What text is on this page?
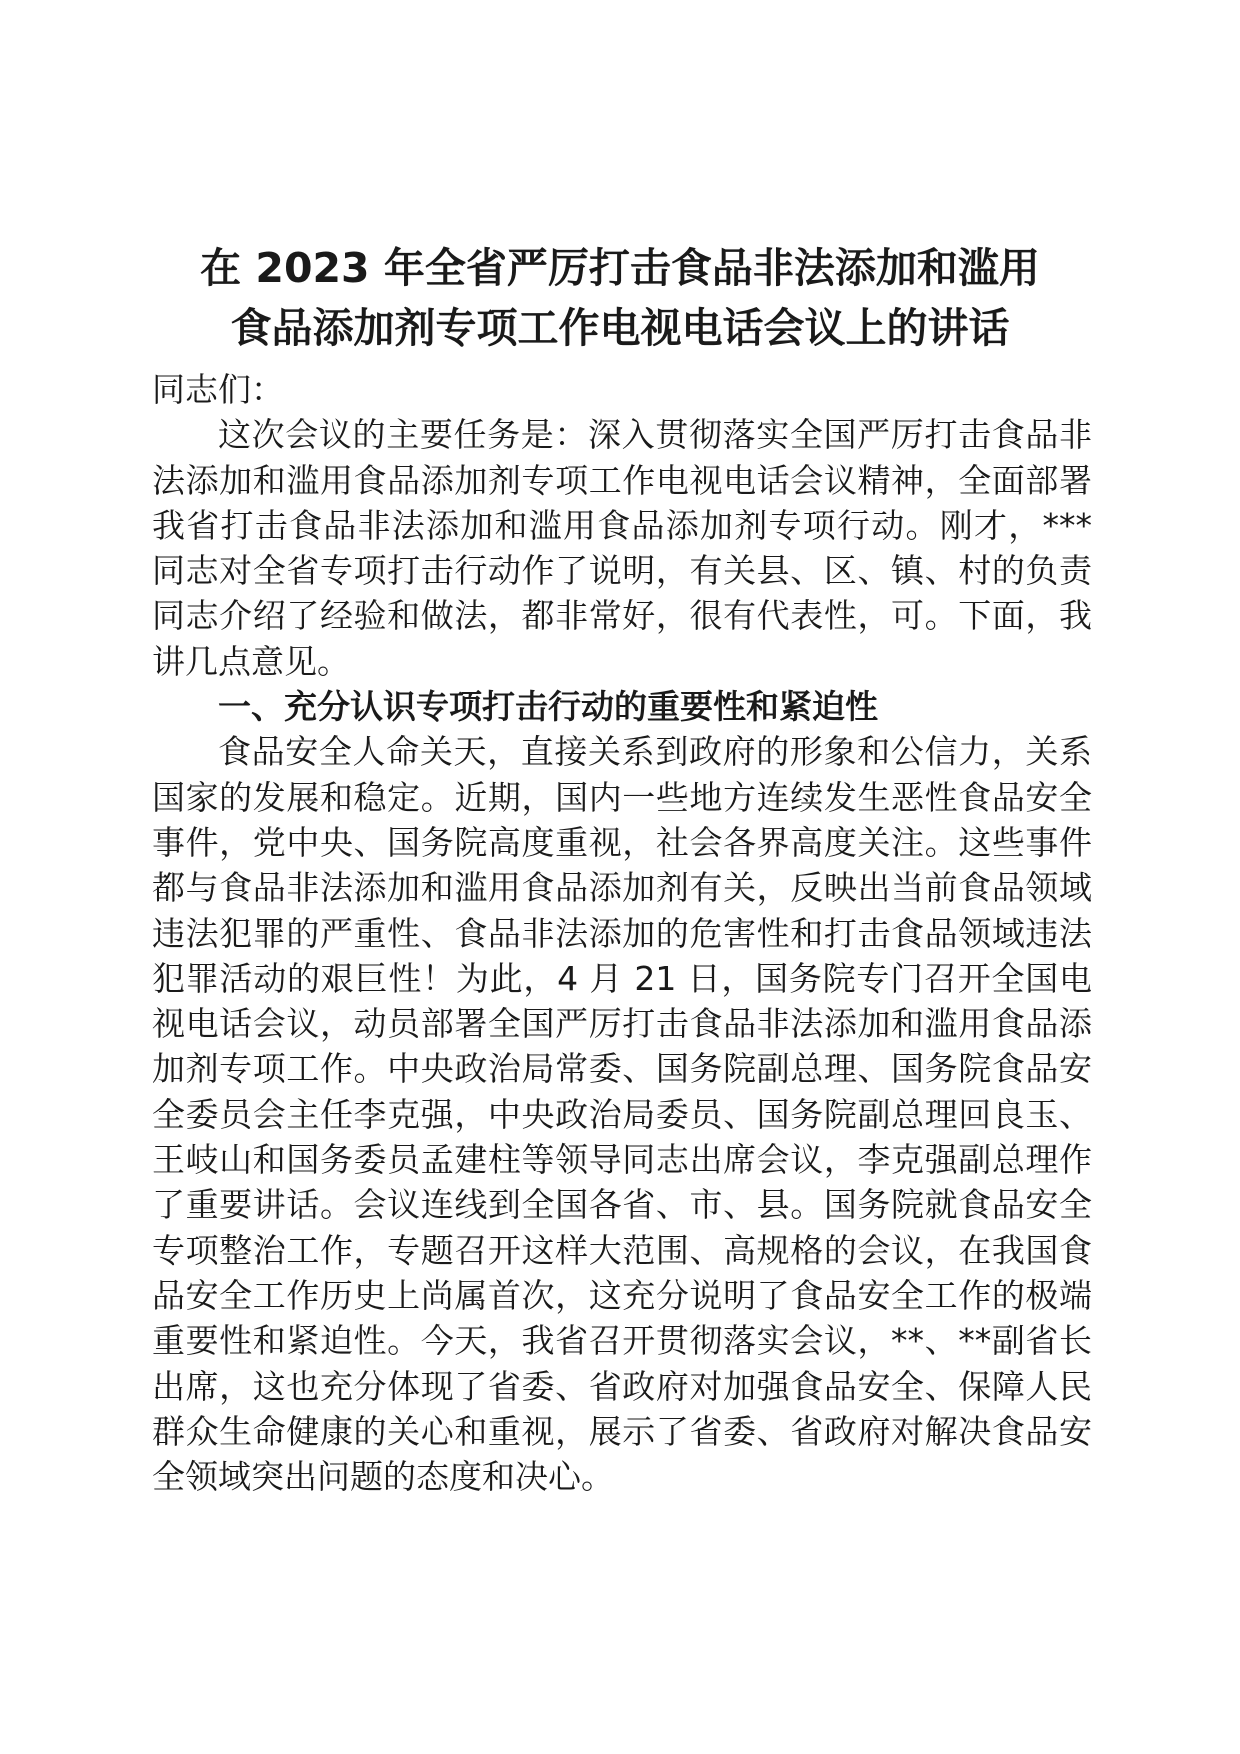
在 2023 年全省严厉打击食品非法添加和滥用
食品添加剂专项工作电视电话会议上的讲话

同志们：

这次会议的主要任务是：深入贯彻落实全国严厉打击食品非法添加和滥用食品添加剂专项工作电视电话会议精神，全面部署我省打击食品非法添加和滥用食品添加剂专项行动。刚才，***同志对全省专项打击行动作了说明，有关县、区、镇、村的负责同志介绍了经验和做法，都非常好，很有代表性，可。下面，我讲几点意见。

一、充分认识专项打击行动的重要性和紧迫性

食品安全人命关天，直接关系到政府的形象和公信力，关系国家的发展和稳定。近期，国内一些地方连续发生恶性食品安全事件，党中央、国务院高度重视，社会各界高度关注。这些事件都与食品非法添加和滥用食品添加剂有关，反映出当前食品领域违法犯罪的严重性、食品非法添加的危害性和打击食品领域违法犯罪活动的艰巨性！为此，4 月 21 日，国务院专门召开全国电视电话会议，动员部署全国严厉打击食品非法添加和滥用食品添加剂专项工作。中央政治局常委、国务院副总理、国务院食品安全委员会主任李克强，中央政治局委员、国务院副总理回良玉、王岐山和国务委员孟建柱等领导同志出席会议，李克强副总理作了重要讲话。会议连线到全国各省、市、县。国务院就食品安全专项整治工作，专题召开这样大范围、高规格的会议，在我国食品安全工作历史上尚属首次，这充分说明了食品安全工作的极端重要性和紧迫性。今天，我省召开贯彻落实会议，**、**副省长出席，这也充分体现了省委、省政府对加强食品安全、保障人民群众生命健康的关心和重视，展示了省委、省政府对解决食品安全领域突出问题的态度和决心。
